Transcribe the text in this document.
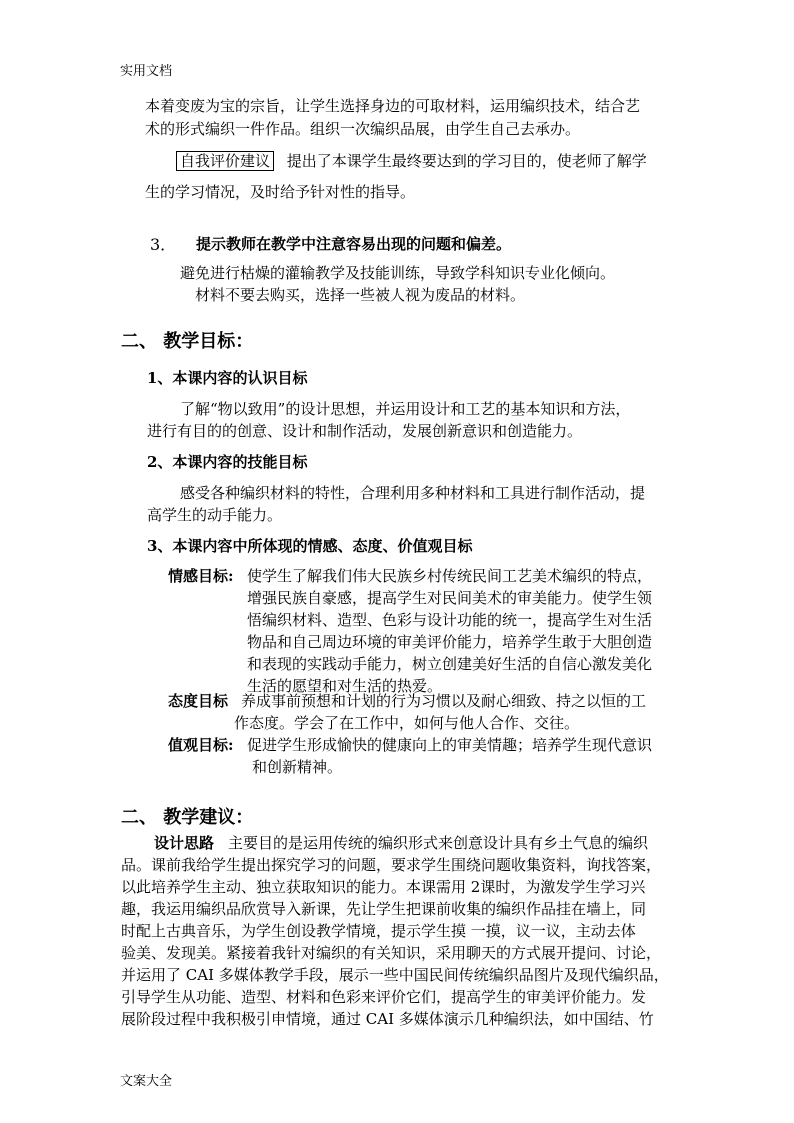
实用文档
本着变废为宝的宗旨，让学生选择身边的可取材料，运用编织技术，结合艺
术的形式编织一件作品。组织一次编织品展，由学生自己去承办。
自我评价建议 提出了本课学生最终要达到的学习目的，使老师了解学
生的学习情况，及时给予针对性的指导。
3． 提示教师在教学中注意容易出现的问题和偏差。
避免进行枯燥的灌输教学及技能训练，导致学科知识专业化倾向。
材料不要去购买，选择一些被人视为废品的材料。
二、 教学目标：
1、本课内容的认识目标
了解“物以致用”的设计思想，并运用设计和工艺的基本知识和方法，
进行有目的的创意、设计和制作活动，发展创新意识和创造能力。
2、本课内容的技能目标
感受各种编织材料的特性，合理利用多种材料和工具进行制作活动，提
高学生的动手能力。
3、本课内容中所体现的情感、态度、价值观目标
情感目标: 使学生了解我们伟大民族乡村传统民间工艺美术编织的特点，
增强民族自豪感，提高学生对民间美术的审美能力。使学生领
悟编织材料、造型、色彩与设计功能的统一，提高学生对生活
物品和自己周边环境的审美评价能力，培养学生敢于大胆创造
和表现的实践动手能力，树立创建美好生活的自信心激发美化
生活的愿望和对生活的热爱。
态度目标 养成事前预想和计划的行为习惯以及耐心细致、持之以恒的工
作态度。学会了在工作中，如何与他人合作、交往。
值观目标: 促进学生形成愉快的健康向上的审美情趣；培养学生现代意识
和创新精神。
二、 教学建议：
设计思路 主要目的是运用传统的编织形式来创意设计具有乡土气息的编织
品。课前我给学生提出探究学习的问题，要求学生围绕问题收集资料，询找答案，
以此培养学生主动、独立获取知识的能力。本课需用 2课时，为激发学生学习兴
趣，我运用编织品欣赏导入新课，先让学生把课前收集的编织作品挂在墙上，同
时配上古典音乐，为学生创设教学情境，提示学生摸 一摸，议一议，主动去体
验美、发现美。紧接着我针对编织的有关知识，采用聊天的方式展开提问、讨论，
并运用了 CAI 多媒体教学手段，展示一些中国民间传统编织品图片及现代编织品，
引导学生从功能、造型、材料和色彩来评价它们，提高学生的审美评价能力。发
展阶段过程中我积极引申情境，通过 CAI 多媒体演示几种编织法，如中国结、竹
文案大全
